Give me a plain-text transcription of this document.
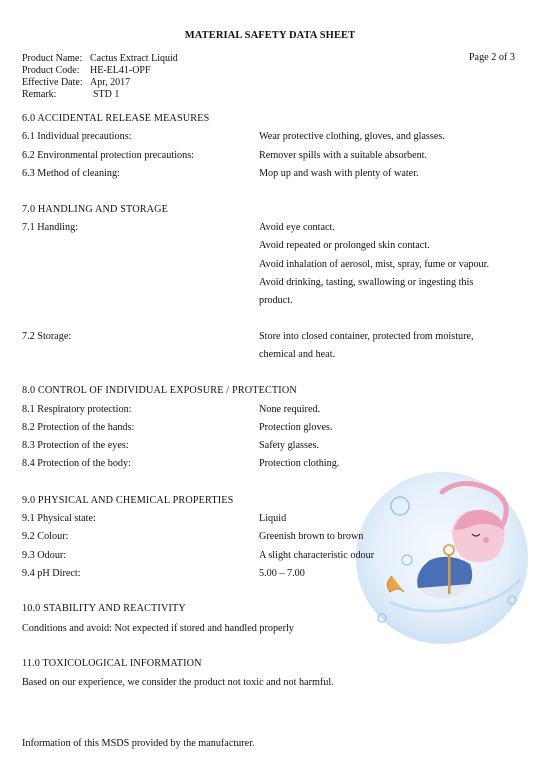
MATERIAL SAFETY DATA SHEET
Page 2 of 3
Product Name: Cactus Extract Liquid
Product Code: HE-EL41-OPF
Effective Date: Apr, 2017
Remark:	STD 1
6.0 ACCIDENTAL RELEASE MEASURES
6.1 Individual precautions:	Wear protective clothing, gloves, and glasses.
6.2 Environmental protection precautions:	Remover spills with a suitable absorbent.
6.3 Method of cleaning:	Mop up and wash with plenty of water.
7.0 HANDLING AND STORAGE
7.1 Handling:	Avoid eye contact.
Avoid repeated or prolonged skin contact.
Avoid inhalation of aerosol, mist, spray, fume or vapour.
Avoid drinking, tasting, swallowing or ingesting this
product.
7.2 Storage:	Store into closed container, protected from moisture,
chemical and heat.
8.0 CONTROL OF INDIVIDUAL EXPOSURE / PROTECTION
8.1 Respiratory protection:	None required.
8.2 Protection of the hands:	Protection gloves.
8.3 Protection of the eyes:	Safety glasses.
8.4 Protection of the body:	Protection clothing.
9.0 PHYSICAL AND CHEMICAL PROPERTIES
9.1 Physical state:	Liquid
9.2 Colour:	Greenish brown to brown
9.3 Odour:	A slight characteristic odour
9.4 pH Direct:	5.00 – 7.00
10.0 STABILITY AND REACTIVITY
Conditions and avoid: Not expected if stored and handled properly
11.0 TOXICOLOGICAL INFORMATION
Based on our experience, we consider the product not toxic and not harmful.
Information of this MSDS provided by the manufacturer.
